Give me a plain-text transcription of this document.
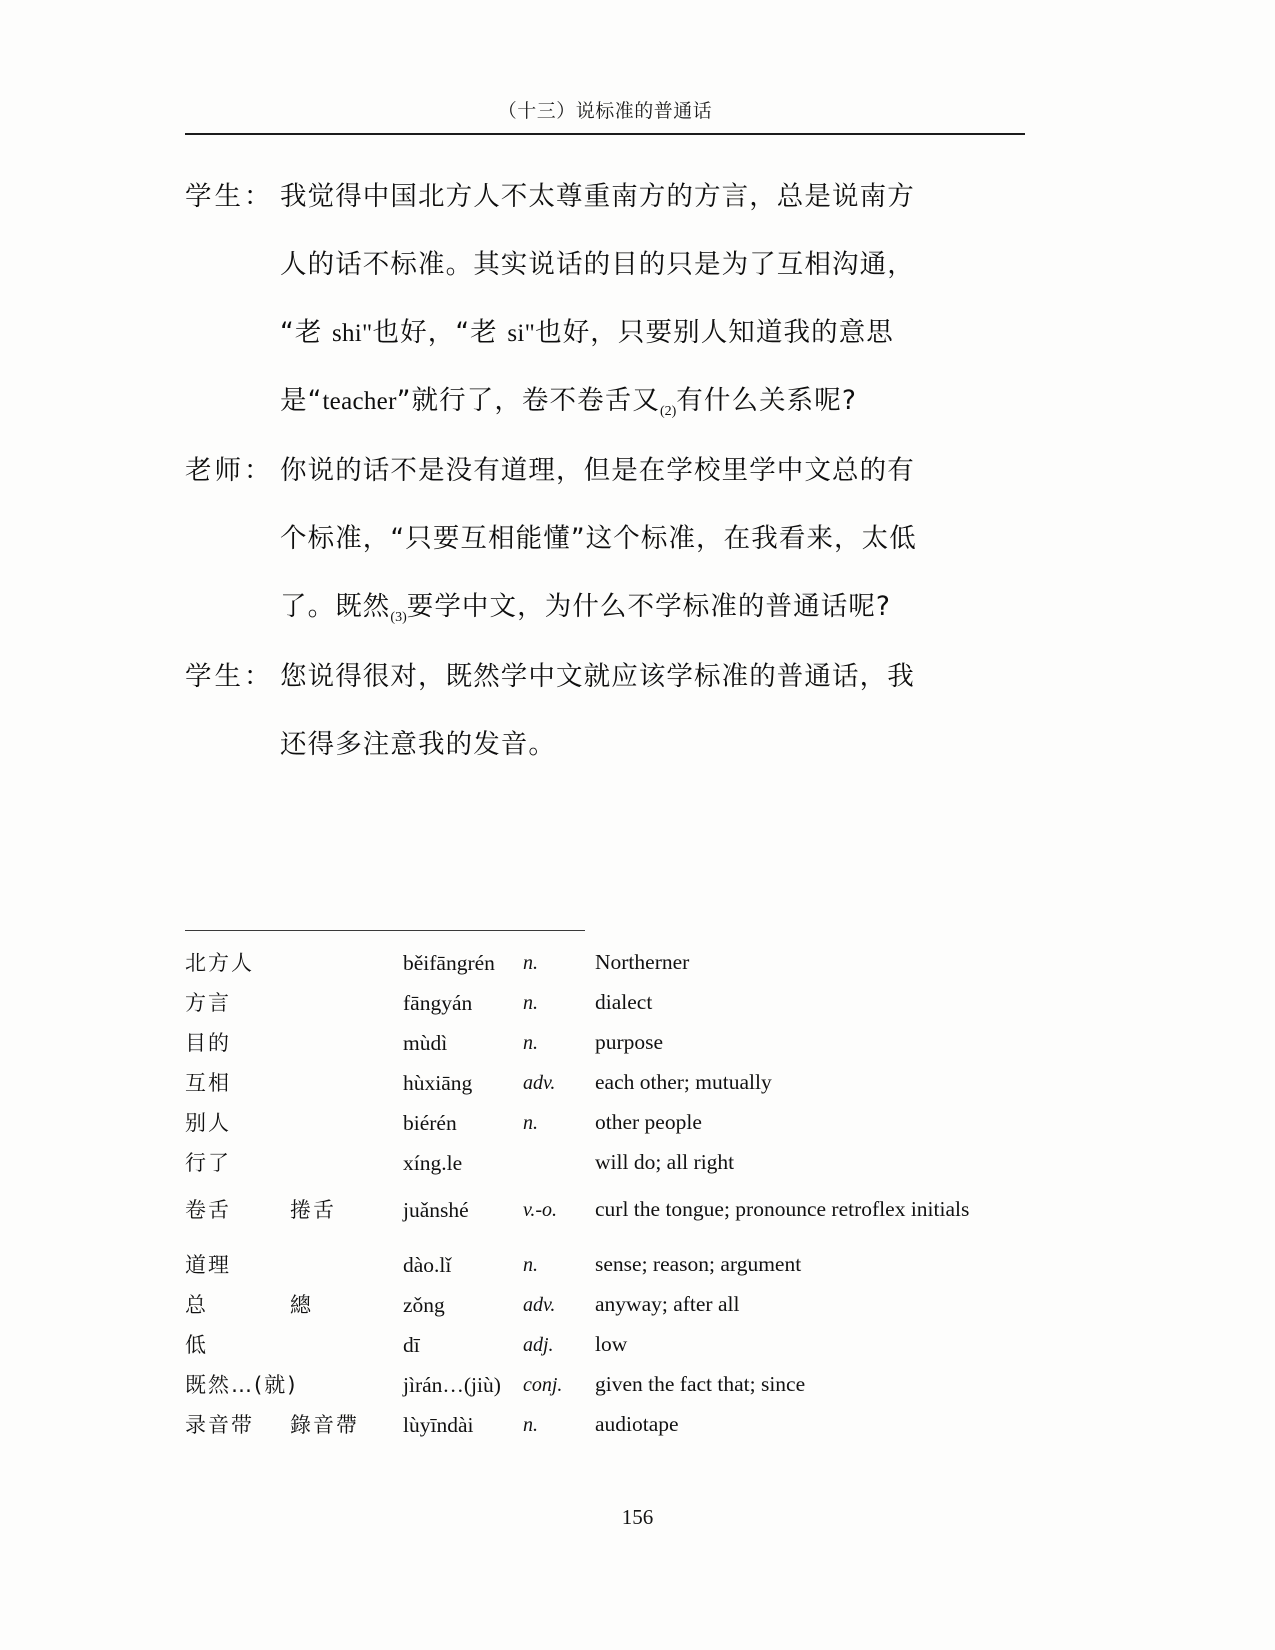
（十三）说标准的普通话
学生： 我觉得中国北方人不太尊重南方的方言，总是说南方
人的话不标准。其实说话的目的只是为了互相沟通，
“老 shi"也好，“老 si"也好，只要别人知道我的意思
是“teacher”就行了，卷不卷舌又$_{(2)}$有什么关系呢?
老师： 你说的话不是没有道理，但是在学校里学中文总的有
个标准，“只要互相能懂”这个标准，在我看来，太低
了。既然$_{(3)}$要学中文，为什么不学标准的普通话呢?
学生： 您说得很对，既然学中文就应该学标准的普通话，我
还得多注意我的发音。
北方人	běifāngrén	n.	Northerner
方言	fāngyán	n.	dialect
目的	mùdì	n.	purpose
互相	hùxiāng	adv.	each other; mutually
别人	biérén	n.	other people
行了	xíng.le	will do; all right
卷舌	捲舌	juǎnshé	v.-o.	curl the tongue; pronounce retroflex initials
道理	dào.lǐ	n.	sense; reason; argument
总	總	zǒng	adv.	anyway; after all
低	dī	adj.	low
既然…(就)	jìrán…(jiù)	conj.	given the fact that; since
录音带	錄音帶	lùyīndài	n.	audiotape
156
